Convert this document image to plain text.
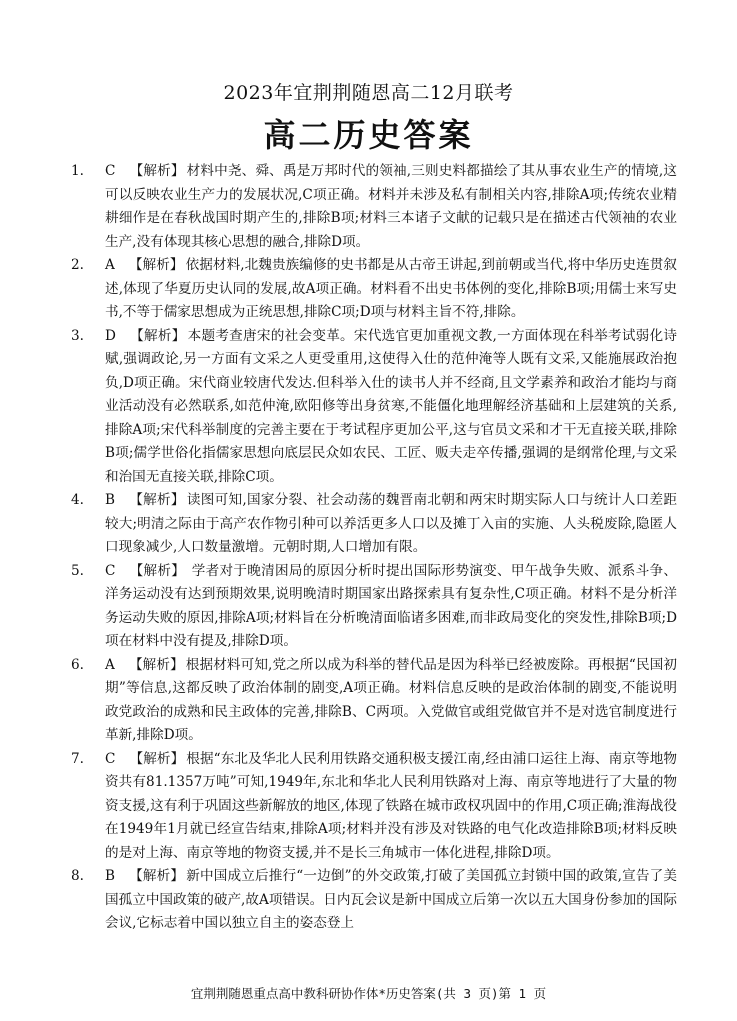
2023年宜荆荆随恩高二12月联考
高二历史答案
1.	C 【解析】 材料中尧、舜、禹是万邦时代的领袖,三则史料都描绘了其从事农业生产的情境,这可以反映农业生产力的发展状况,C项正确。材料并未涉及私有制相关内容,排除A项;传统农业精耕细作是在春秋战国时期产生的,排除B项;材料三本诸子文献的记载只是在描述古代领袖的农业生产,没有体现其核心思想的融合,排除D项。
2.	A 【解析】 依据材料,北魏贵族编修的史书都是从古帝王讲起,到前朝或当代,将中华历史连贯叙述,体现了华夏历史认同的发展,故A项正确。材料看不出史书体例的变化,排除B项;用儒士来写史书,不等于儒家思想成为正统思想,排除C项;D项与材料主旨不符,排除。
3.	D 【解析】 本题考查唐宋的社会变革。宋代选官更加重视文教,一方面体现在科举考试弱化诗赋,强调政论,另一方面有文采之人更受重用,这使得入仕的范仲淹等人既有文采,又能施展政治抱负,D项正确。宋代商业较唐代发达.但科举入仕的读书人并不经商,且文学素养和政治才能均与商业活动没有必然联系,如范仲淹,欧阳修等出身贫寒,不能僵化地理解经济基础和上层建筑的关系,排除A项;宋代科举制度的完善主要在于考试程序更加公平,这与官员文采和才干无直接关联,排除B项;儒学世俗化指儒家思想向底层民众如农民、工匠、贩夫走卒传播,强调的是纲常伦理,与文采和治国无直接关联,排除C项。
4.	B 【解析】 读图可知,国家分裂、社会动荡的魏晋南北朝和两宋时期实际人口与统计人口差距较大;明清之际由于高产农作物引种可以养活更多人口以及摊丁入亩的实施、人头税废除,隐匿人口现象减少,人口数量激增。元朝时期,人口增加有限。
5.	C 【解析】 学者对于晚清困局的原因分析时提出国际形势演变、甲午战争失败、派系斗争、洋务运动没有达到预期效果,说明晚清时期国家出路探索具有复杂性,C项正确。材料不是分析洋务运动失败的原因,排除A项;材料旨在分析晚清面临诸多困难,而非政局变化的突发性,排除B项;D项在材料中没有提及,排除D项。
6.	A 【解析】 根据材料可知,党之所以成为科举的替代品是因为科举已经被废除。再根据“民国初期”等信息,这都反映了政治体制的剧变,A项正确。材料信息反映的是政治体制的剧变,不能说明政党政治的成熟和民主政体的完善,排除B、C两项。入党做官或组党做官并不是对选官制度进行革新,排除D项。
7.	C 【解析】 根据“东北及华北人民利用铁路交通积极支援江南,经由浦口运往上海、南京等地物资共有81.1357万吨”可知,1949年,东北和华北人民利用铁路对上海、南京等地进行了大量的物资支援,这有利于巩固这些新解放的地区,体现了铁路在城市政权巩固中的作用,C项正确;淮海战役在1949年1月就已经宣告结束,排除A项;材料并没有涉及对铁路的电气化改造排除B项;材料反映的是对上海、南京等地的物资支援,并不是长三角城市一体化进程,排除D项。
8.	B 【解析】 新中国成立后推行“一边倒”的外交政策,打破了美国孤立封锁中国的政策,宣告了美国孤立中国政策的破产,故A项错误。日内瓦会议是新中国成立后第一次以五大国身份参加的国际会议,它标志着中国以独立自主的姿态登上
宜荆荆随恩重点高中教科研协作体*历史答案(共 3 页)第 1 页
